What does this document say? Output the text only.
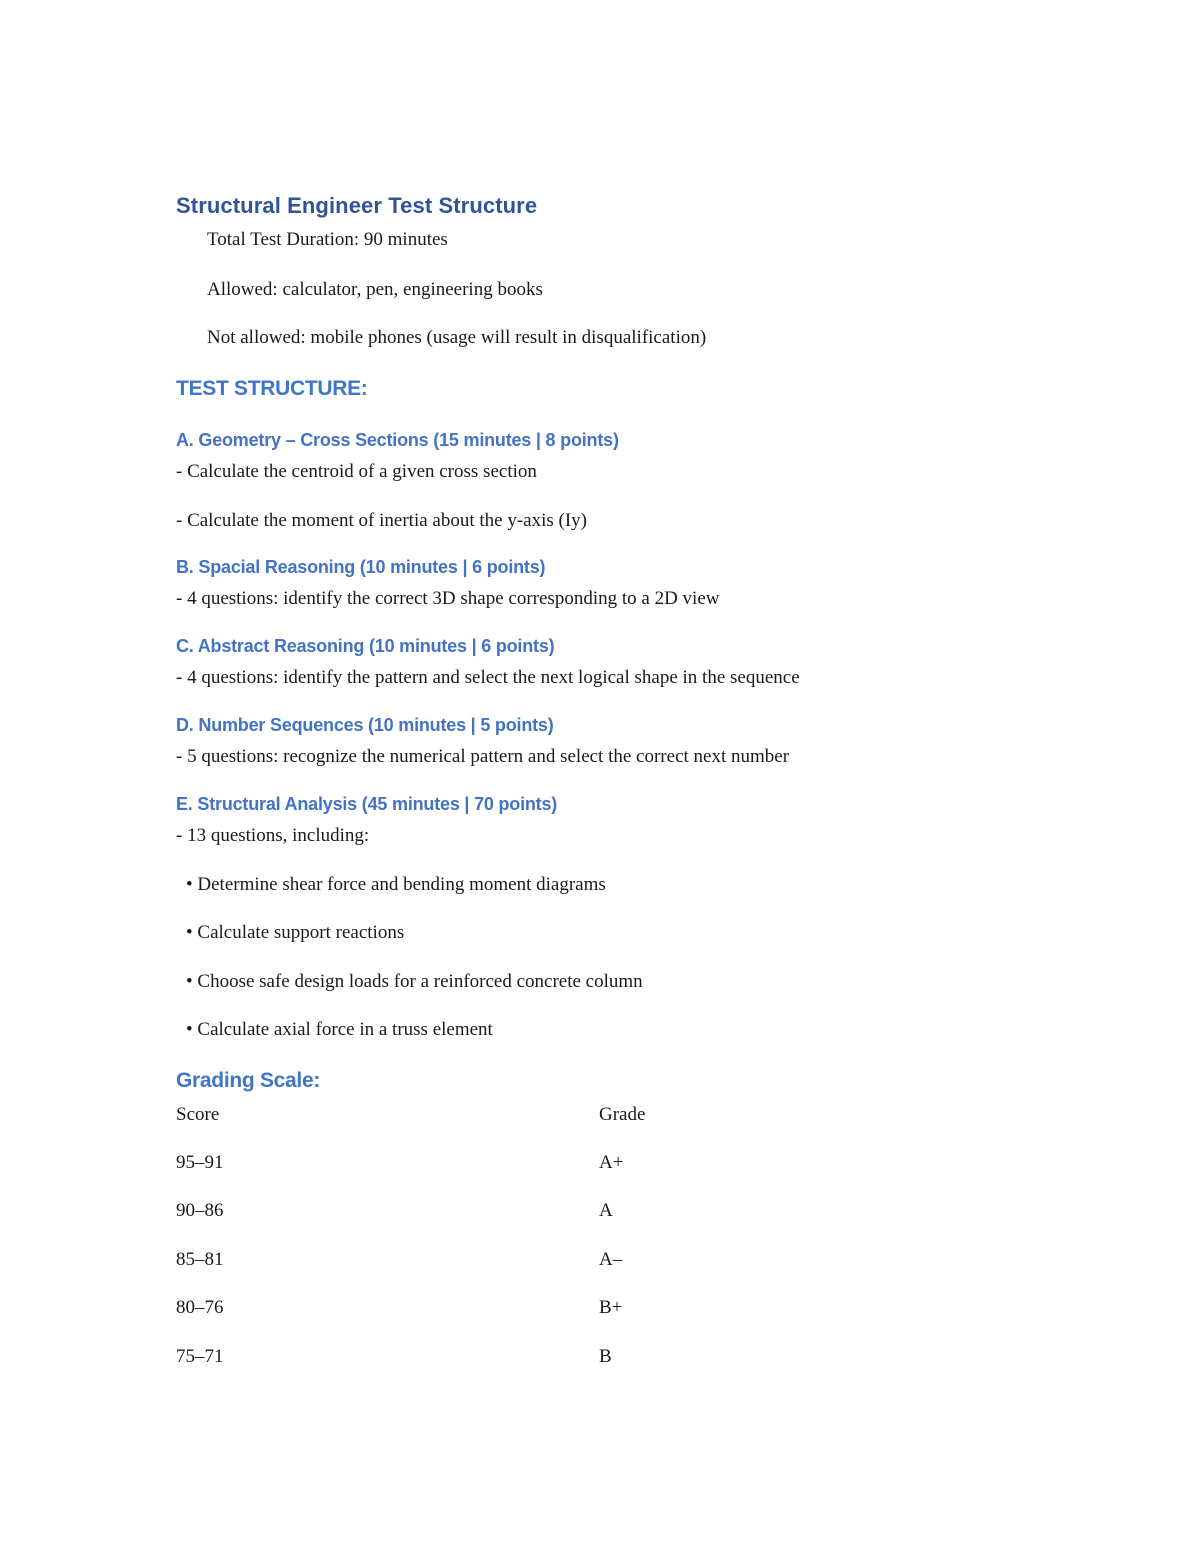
Structural Engineer Test Structure
Total Test Duration: 90 minutes
Allowed: calculator, pen, engineering books
Not allowed: mobile phones (usage will result in disqualification)
TEST STRUCTURE:
A. Geometry – Cross Sections (15 minutes | 8 points)
- Calculate the centroid of a given cross section
- Calculate the moment of inertia about the y-axis (Iy)
B. Spacial Reasoning (10 minutes | 6 points)
- 4 questions: identify the correct 3D shape corresponding to a 2D view
C. Abstract Reasoning (10 minutes | 6 points)
- 4 questions: identify the pattern and select the next logical shape in the sequence
D. Number Sequences (10 minutes | 5 points)
- 5 questions: recognize the numerical pattern and select the correct next number
E. Structural Analysis (45 minutes | 70 points)
- 13 questions, including:
• Determine shear force and bending moment diagrams
• Calculate support reactions
• Choose safe design loads for a reinforced concrete column
• Calculate axial force in a truss element
Grading Scale:
Score	Grade
95–91	A+
90–86	A
85–81	A–
80–76	B+
75–71	B
